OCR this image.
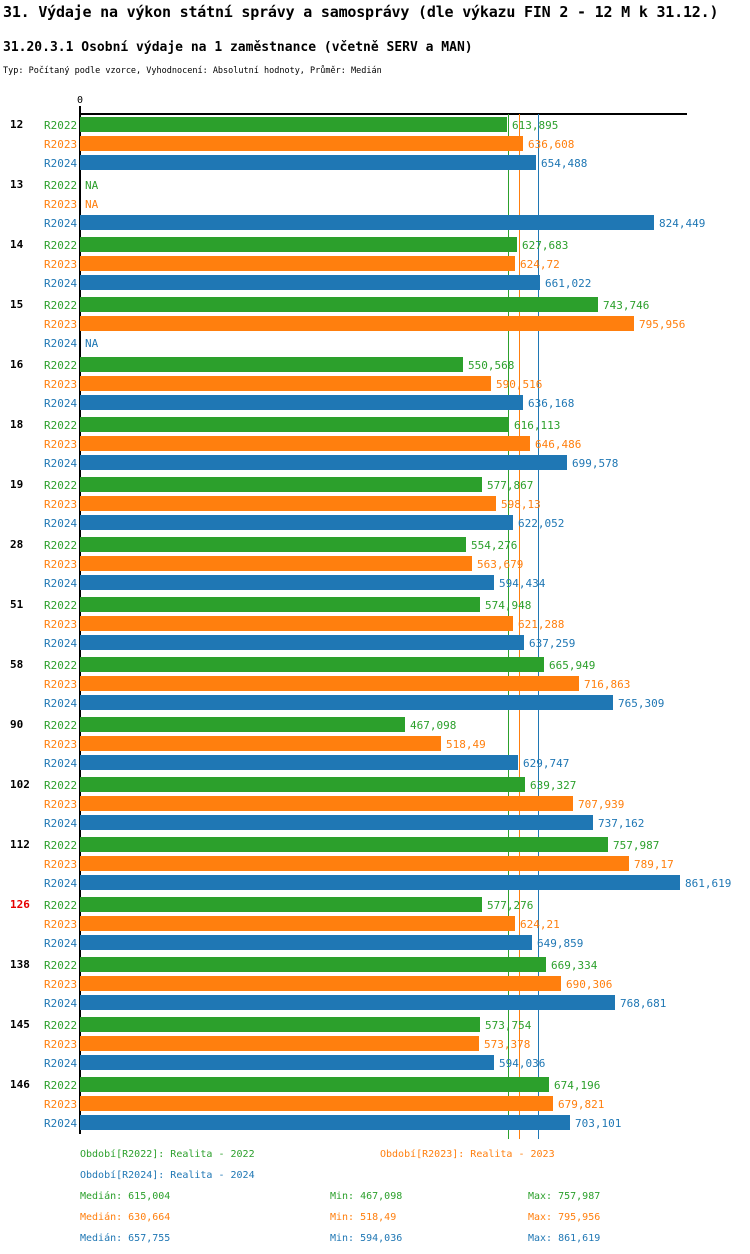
31. Výdaje na výkon státní správy a samosprávy (dle výkazu FIN 2 - 12 M k 31.12.)
31.20.3.1 Osobní výdaje na 1 zaměstnance (včetně SERV a MAN)
Typ: Počítaný podle vzorce, Vyhodnocení: Absolutní hodnoty, Průměr: Medián
0
12 R2022	613,895
R2023	636,608
R2024	654,488
13 R2022 NA
R2023 NA
R2024	824,449
14 R2022	627,683
R2023	624,72
R2024	661,022
15 R2022	743,746
R2023	795,956
R2024 NA
16 R2022	550,568
R2023	590,516
R2024	636,168
18 R2022	616,113
R2023	646,486
R2024	699,578
19 R2022	577,867
R2023	598,13
R2024	622,052
28 R2022	554,276
R2023	563,679
R2024	594,434
51 R2022	574,948
R2023	621,288
R2024	637,259
58 R2022	665,949
R2023	716,863
R2024	765,309
90 R2022	467,098
R2023	518,49
R2024	629,747
102 R2022	639,327
R2023	707,939
R2024	737,162
112 R2022	757,987
R2023	789,17
R2024	861,619
126 R2022	577,276
R2023	624,21
R2024	649,859
138 R2022	669,334
R2023	690,306
R2024	768,681
145 R2022	573,754
R2023	573,378
R2024	594,036
146 R2022	674,196
R2023	679,821
R2024	703,101
Období[R2022]: Realita - 2022	Období[R2023]: Realita - 2023
Období[R2024]: Realita - 2024
Medián: 615,004	Min: 467,098	Max: 757,987
Medián: 630,664	Min: 518,49	Max: 795,956
Medián: 657,755	Min: 594,036	Max: 861,619
